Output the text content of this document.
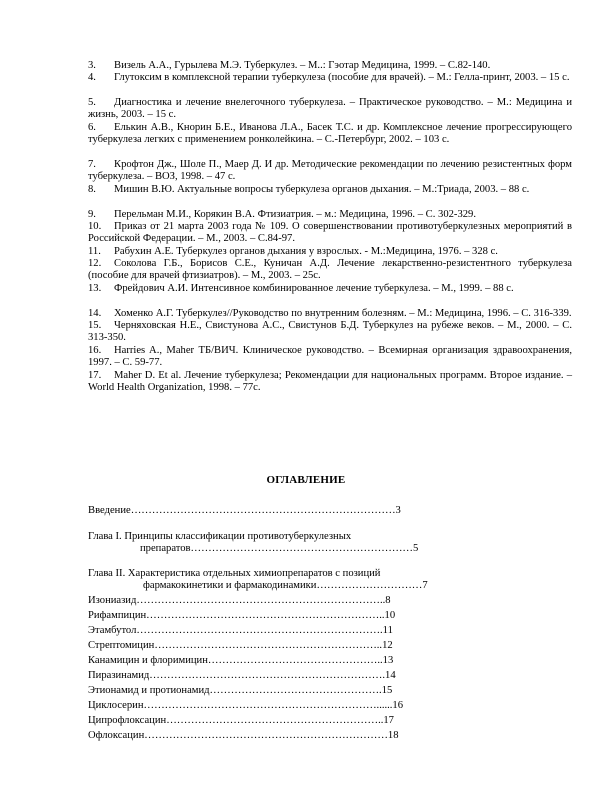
3. Визель А.А., Гурылева М.Э. Туберкулез. – М..: Гэотар Медицина, 1999. – С.82-140.
4. Глутоксим в комплексной терапии туберкулеза (пособие для врачей). – М.: Гелла-принт, 2003. – 15 с.
5. Диагностика и лечение внелегочного туберкулеза. – Практическое руководство. – М.: Медицина и жизнь, 2003. – 15 с.
6. Елькин А.В., Кнорин Б.Е., Иванова Л.А., Басек Т.С. и др. Комплексное лечение прогрессирующего туберкулеза легких с применением ронколейкина. – С.-Петербург, 2002. – 103 с.
7. Крофтон Дж., Шоле П., Маер Д. И др. Методические рекомендации по лечению резистентных форм туберкулеза. – ВОЗ, 1998. – 47 с.
8. Мишин В.Ю. Актуальные вопросы туберкулеза органов дыхания. – М.:Триада, 2003. – 88 с.
9. Перельман М.И., Корякин В.А. Фтизиатрия. – м.: Медицина, 1996. – С. 302-329.
10. Приказ от 21 марта 2003 года № 109. О совершенствовании противотуберкулезных мероприятий в Российской Федерации. – М., 2003. – С.84-97.
11. Рабухин А.Е. Туберкулез органов дыхания у взрослых. - М.:Медицина, 1976. – 328 с.
12. Соколова Г.Б., Борисов С.Е., Куничан А.Д. Лечение лекарственно-резистентного туберкулеза (пособие для врачей фтизиатров). – М., 2003. – 25с.
13. Фрейдович А.И. Интенсивное комбинированное лечение туберкулеза. – М., 1999. – 88 с.
14. Хоменко А.Г. Туберкулез//Руководство по внутренним болезням. – М.: Медицина, 1996. – С. 316-339.
15. Черняховская Н.Е., Свистунова А.С., Свистунов Б.Д. Туберкулез на рубеже веков. – М., 2000. – С. 313-350.
16. Harries A., Maher ТБ/ВИЧ. Клиническое руководство. – Всемирная организация здравоохранения, 1997. – С. 59-77.
17. Maher D. Et al. Лечение туберкулеза; Рекомендации для национальных программ. Второе издание. – World Health Organization, 1998. – 77с.
ОГЛАВЛЕНИЕ
Введение…………………………………………………………………3
Глава I. Принципы классификации противотуберкулезных
препаратов………………………………………………………5
Глава II. Характеристика отдельных химиопрепаратов с позиций
фармакокинетики и фармакодинамики…………………………7
Изониазид……………………………………………………………..8
Рифампицин…………………………………………………………..10
Этамбутол…………………………………………………………….11
Стрептомицин………………………………………………………..12
Канамицин и флоримицин…………………………………………..13
Пиразинамид………………………………………………………….14
Этионамид и протионамид………………………………………….15
Циклосерин…………………………………………………………......16
Ципрофлоксацин……………………………………………………..17
Офлоксацин……………………………………………………………18
